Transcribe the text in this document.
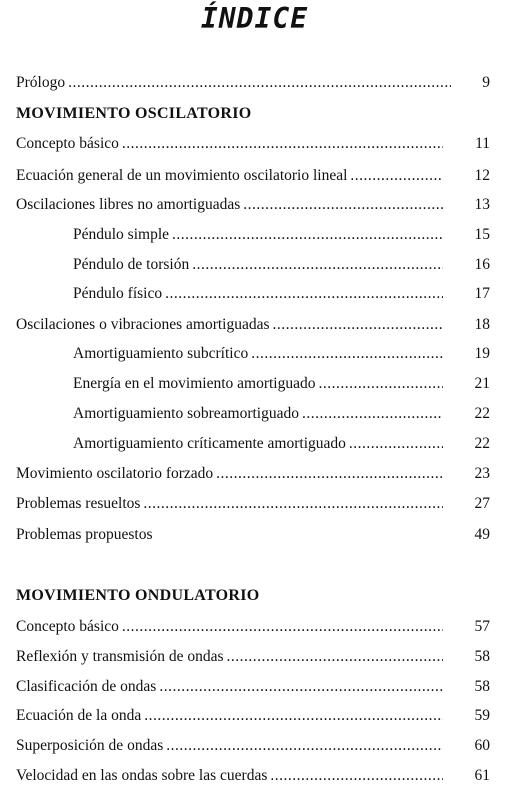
ÍNDICE
Prólogo .....	9
MOVIMIENTO OSCILATORIO
Concepto básico .....	11
Ecuación general de un movimiento oscilatorio lineal .....	12
Oscilaciones libres no amortiguadas .....	13
Péndulo simple .....	15
Péndulo de torsión .....	16
Péndulo físico .....	17
Oscilaciones o vibraciones amortiguadas .....	18
Amortiguamiento subcrítico .....	19
Energía en el movimiento amortiguado .....	21
Amortiguamiento sobreamortiguado .....	22
Amortiguamiento críticamente amortiguado .....	22
Movimiento oscilatorio forzado .....	23
Problemas resueltos .....	27
Problemas propuestos	49
MOVIMIENTO ONDULATORIO
Concepto básico .....	57
Reflexión y transmisión de ondas .....	58
Clasificación de ondas .....	58
Ecuación de la onda .....	59
Superposición de ondas .....	60
Velocidad en las ondas sobre las cuerdas .....	61
